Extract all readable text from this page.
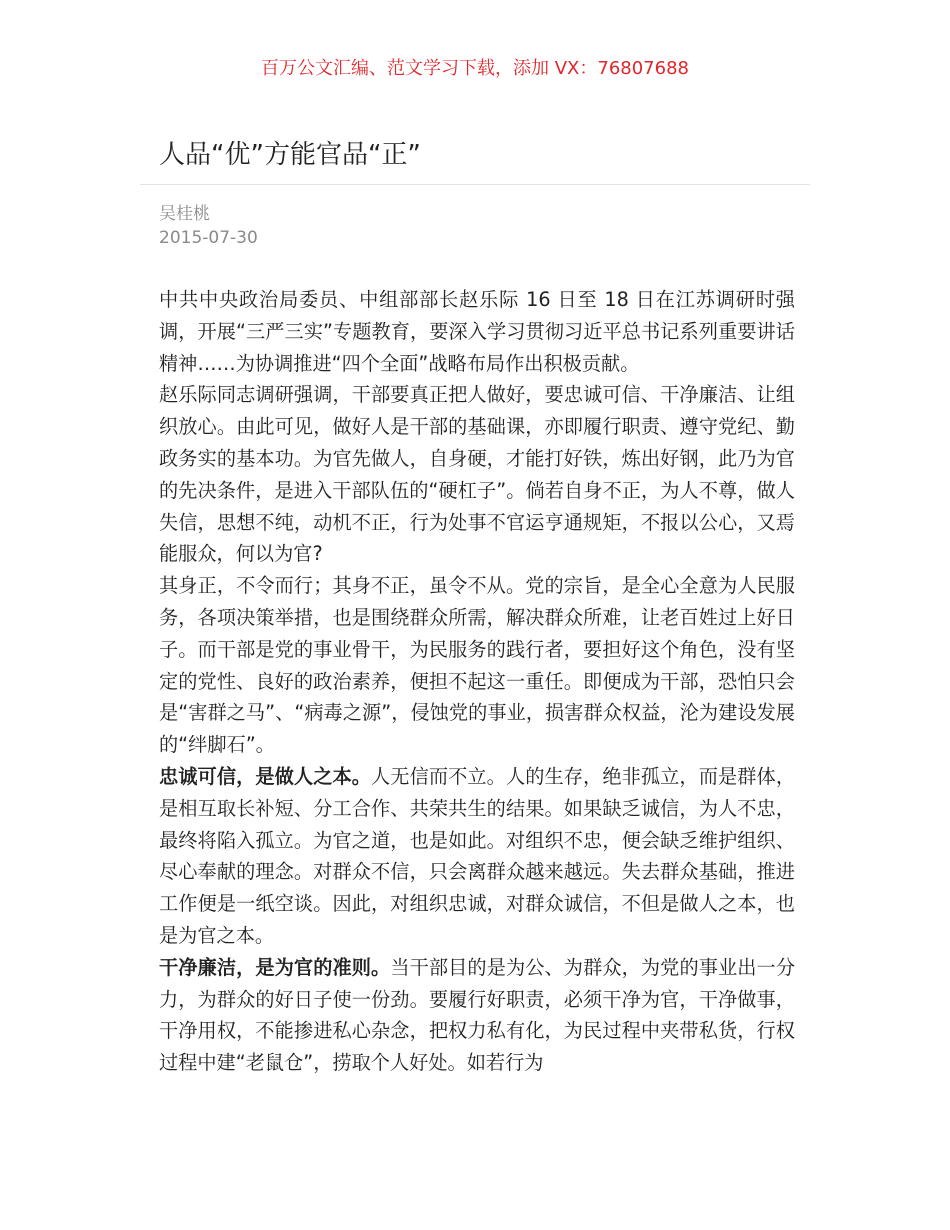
百万公文汇编、范文学习下载，添加 VX：76807688
人品“优”方能官品“正”
吴桂桃
2015-07-30

中共中央政治局委员、中组部部长赵乐际 16 日至 18 日在江苏调研时强调，开展“三严三实”专题教育，要深入学习贯彻习近平总书记系列重要讲话精神……为协调推进“四个全面”战略布局作出积极贡献。

赵乐际同志调研强调，干部要真正把人做好，要忠诚可信、干净廉洁、让组织放心。由此可见，做好人是干部的基础课，亦即履行职责、遵守党纪、勤政务实的基本功。为官先做人，自身硬，才能打好铁，炼出好钢，此乃为官的先决条件，是进入干部队伍的“硬杠子”。倘若自身不正，为人不尊，做人失信，思想不纯，动机不正，行为处事不官运亨通规矩，不报以公心，又焉能服众，何以为官?

其身正，不令而行；其身不正，虽令不从。党的宗旨，是全心全意为人民服务，各项决策举措，也是围绕群众所需，解决群众所难，让老百姓过上好日子。而干部是党的事业骨干，为民服务的践行者，要担好这个角色，没有坚定的党性、良好的政治素养，便担不起这一重任。即便成为干部，恐怕只会是“害群之马”、“病毒之源”，侵蚀党的事业，损害群众权益，沦为建设发展的“绊脚石”。

忠诚可信，是做人之本。人无信而不立。人的生存，绝非孤立，而是群体，是相互取长补短、分工合作、共荣共生的结果。如果缺乏诚信，为人不忠，最终将陷入孤立。为官之道，也是如此。对组织不忠，便会缺乏维护组织、尽心奉献的理念。对群众不信，只会离群众越来越远。失去群众基础，推进工作便是一纸空谈。因此，对组织忠诚，对群众诚信，不但是做人之本，也是为官之本。

干净廉洁，是为官的准则。当干部目的是为公、为群众，为党的事业出一分力，为群众的好日子使一份劲。要履行好职责，必须干净为官，干净做事，干净用权，不能掺进私心杂念，把权力私有化，为民过程中夹带私货，行权过程中建“老鼠仓”，捞取个人好处。如若行为
